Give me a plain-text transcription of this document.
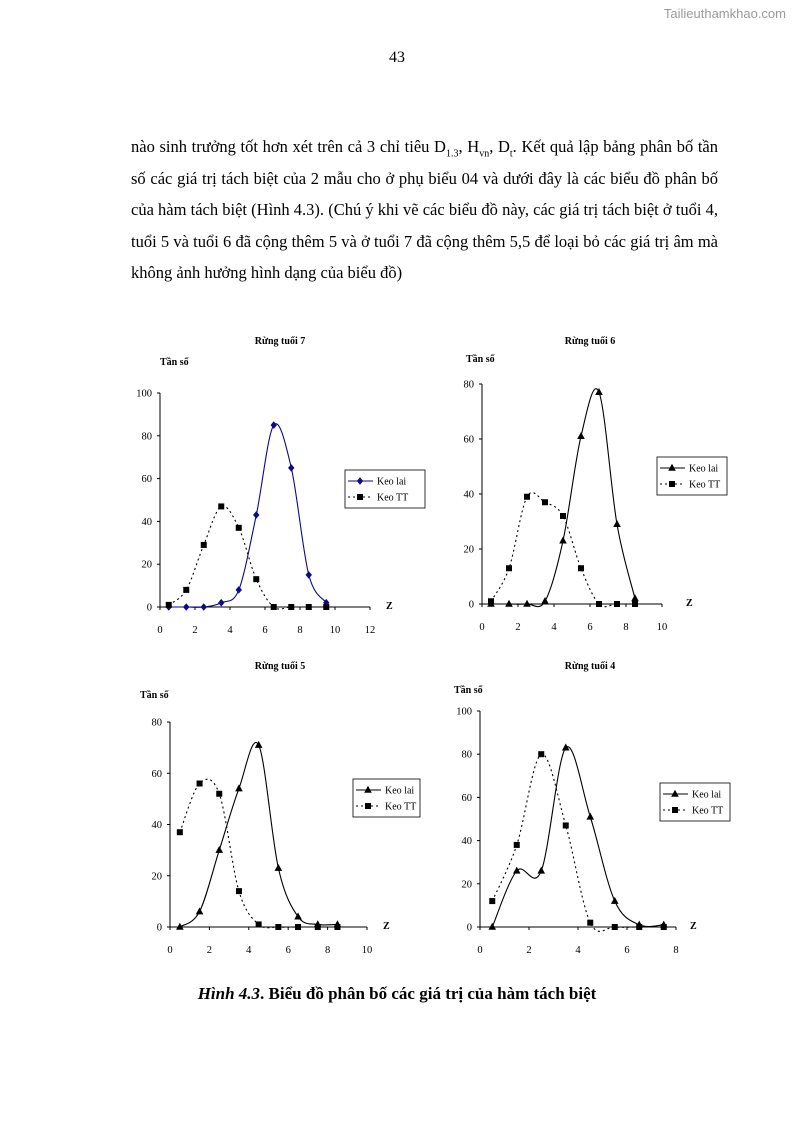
Tailieuthamkhao.com
43
nào sinh trưởng tốt hơn xét trên cả 3 chỉ tiêu $D_{1.3}$, $H_{vn}$, $D_t$. Kết quả lập bảng phân bố tần số các giá trị tách biệt của 2 mẫu cho ở phụ biểu 04 và dưới đây là các biểu đồ phân bố của hàm tách biệt (Hình 4.3). (Chú ý khi vẽ các biểu đồ này, các giá trị tách biệt ở tuổi 4, tuổi 5 và tuổi 6 đã cộng thêm 5 và ở tuổi 7 đã cộng thêm 5,5 để loại bỏ các giá trị âm mà không ảnh hưởng hình dạng của biểu đồ)
Rừng tuổi 7
Tần số
Z
0
20
40
60
80
100
0	2	4	6	8	10 12
Keo lai
Keo TT
Rừng tuổi 6
Tần số
Z
0
20
40
60
80
0	2	4	6	8	10
Keo lai
Keo TT
Rừng tuổi 5
Tần số
Z
0
20
40
60
80
0	2	4	6	8	10
Keo lai
Keo TT
Rừng tuổi 4
Tần số
Z
0
20
40
60
80
100
0	2	4	6	8
Keo lai
Keo TT
Hình 4.3. Biểu đồ phân bố các giá trị của hàm tách biệt
